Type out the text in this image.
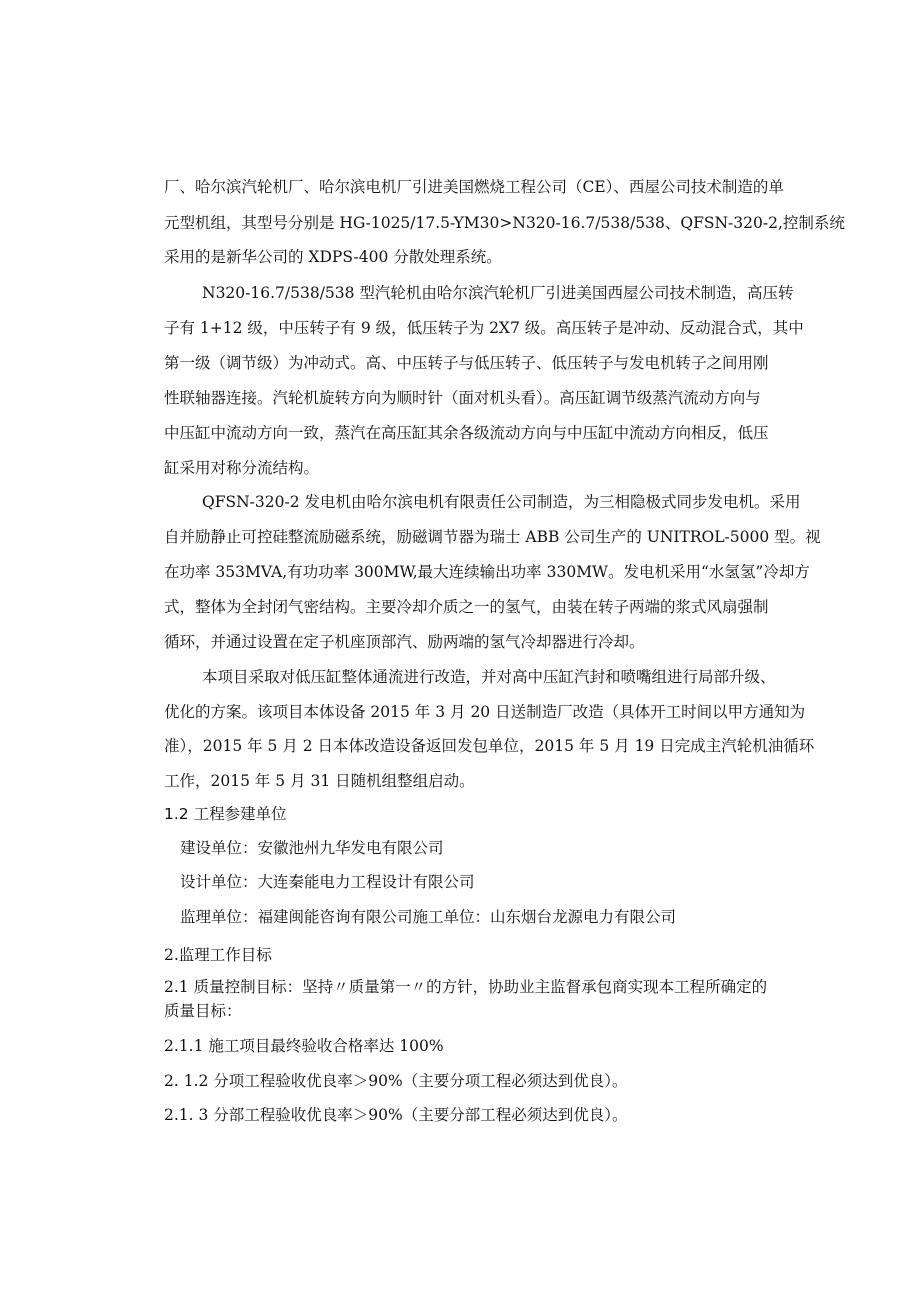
厂、哈尔滨汽轮机厂、哈尔滨电机厂引进美国燃烧工程公司（CE）、西屋公司技术制造的单
元型机组，其型号分别是 HG-1025/17.5-YM30>N320-16.7/538/538、QFSN-320-2,控制系统
采用的是新华公司的 XDPS-400 分散处理系统。
N320-16.7/538/538 型汽轮机由哈尔滨汽轮机厂引进美国西屋公司技术制造，高压转
子有 1+12 级，中压转子有 9 级，低压转子为 2X7 级。高压转子是冲动、反动混合式，其中
第一级（调节级）为冲动式。高、中压转子与低压转子、低压转子与发电机转子之间用刚
性联轴器连接。汽轮机旋转方向为顺时针（面对机头看）。高压缸调节级蒸汽流动方向与
中压缸中流动方向一致，蒸汽在高压缸其余各级流动方向与中压缸中流动方向相反，低压
缸采用对称分流结构。
QFSN-320-2 发电机由哈尔滨电机有限责任公司制造，为三相隐极式同步发电机。采用
自并励静止可控硅整流励磁系统，励磁调节器为瑞士 ABB 公司生产的 UNITROL-5000 型。视
在功率 353MVA,有功功率 300MW,最大连续输出功率 330MW。发电机采用“水氢氢”冷却方
式，整体为全封闭气密结构。主要冷却介质之一的氢气，由装在转子两端的浆式风扇强制
循环，并通过设置在定子机座顶部汽、励两端的氢气冷却器进行冷却。
本项目采取对低压缸整体通流进行改造，并对高中压缸汽封和喷嘴组进行局部升级、
优化的方案。该项目本体设备 2015 年 3 月 20 日送制造厂改造（具体开工时间以甲方通知为
准），2015 年 5 月 2 日本体改造设备返回发包单位，2015 年 5 月 19 日完成主汽轮机油循环
工作，2015 年 5 月 31 日随机组整组启动。
1.2 工程参建单位
建设单位：安徽池州九华发电有限公司
设计单位：大连秦能电力工程设计有限公司
监理单位：福建闽能咨询有限公司施工单位：山东烟台龙源电力有限公司
2.监理工作目标
2.1 质量控制目标：坚持〃质量第一〃的方针，协助业主监督承包商实现本工程所确定的
质量目标：
2.1.1 施工项目最终验收合格率达 100%
2. 1.2 分项工程验收优良率＞90%（主要分项工程必须达到优良）。
2.1. 3 分部工程验收优良率＞90%（主要分部工程必须达到优良）。
